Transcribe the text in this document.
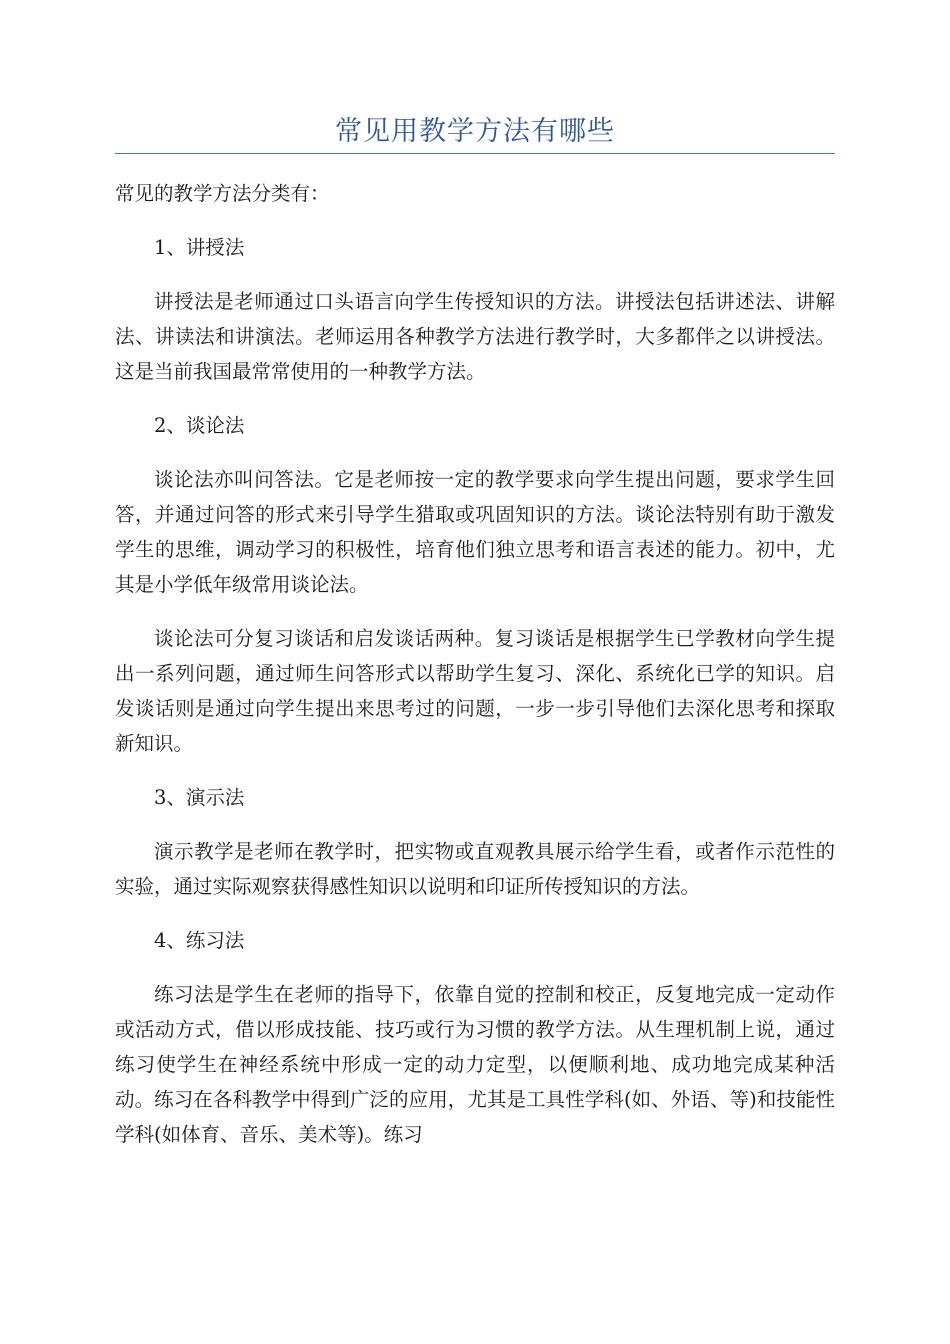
常见用教学方法有哪些

常见的教学方法分类有：

1、讲授法

讲授法是老师通过口头语言向学生传授知识的方法。讲授法包括讲述法、讲解法、讲读法和讲演法。老师运用各种教学方法进行教学时，大多都伴之以讲授法。这是当前我国最常常使用的一种教学方法。

2、谈论法

谈论法亦叫问答法。它是老师按一定的教学要求向学生提出问题，要求学生回答，并通过问答的形式来引导学生猎取或巩固知识的方法。谈论法特别有助于激发学生的思维，调动学习的积极性，培育他们独立思考和语言表述的能力。初中，尤其是小学低年级常用谈论法。

谈论法可分复习谈话和启发谈话两种。复习谈话是根据学生已学教材向学生提出一系列问题，通过师生问答形式以帮助学生复习、深化、系统化已学的知识。启发谈话则是通过向学生提出来思考过的问题，一步一步引导他们去深化思考和探取新知识。

3、演示法

演示教学是老师在教学时，把实物或直观教具展示给学生看，或者作示范性的实验，通过实际观察获得感性知识以说明和印证所传授知识的方法。

4、练习法

练习法是学生在老师的指导下，依靠自觉的控制和校正，反复地完成一定动作或活动方式，借以形成技能、技巧或行为习惯的教学方法。从生理机制上说，通过练习使学生在神经系统中形成一定的动力定型，以便顺利地、成功地完成某种活动。练习在各科教学中得到广泛的应用，尤其是工具性学科(如、外语、等)和技能性学科(如体育、音乐、美术等)。练习
